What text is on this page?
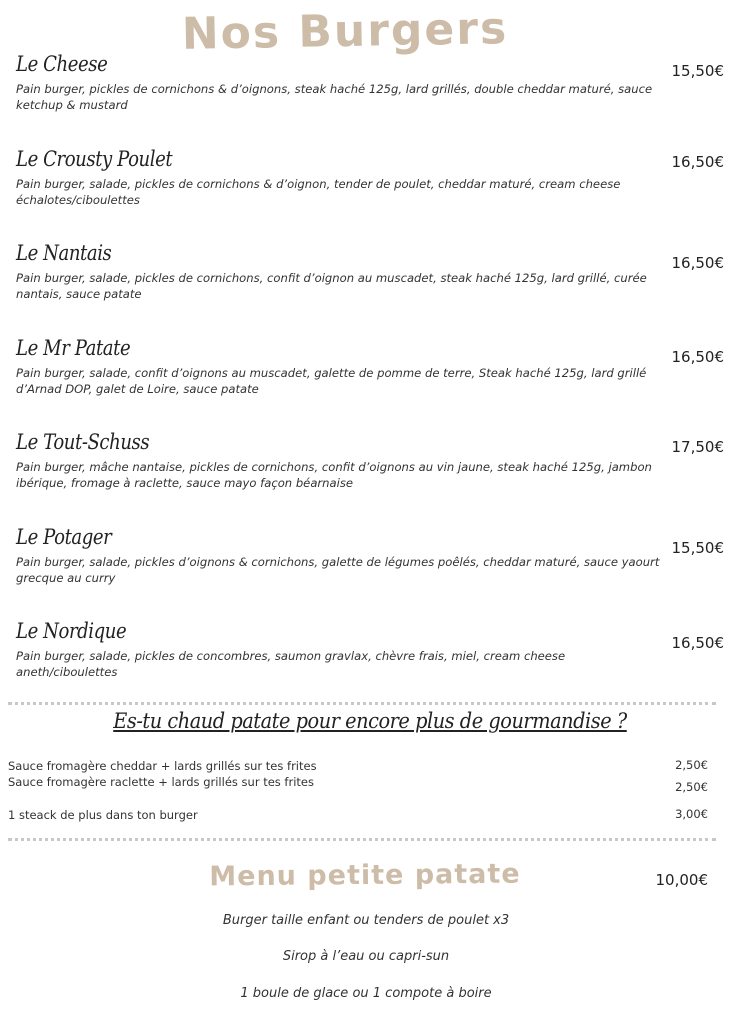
Nos Burgers
Le Cheese
Pain burger, pickles de cornichons & d’oignons, steak haché 125g, lard grillés, double cheddar maturé, sauce ketchup & mustard
15,50€
Le Crousty Poulet
Pain burger, salade, pickles de cornichons & d’oignon, tender de poulet, cheddar maturé, cream cheese échalotes/ciboulettes
16,50€
Le Nantais
Pain burger, salade, pickles de cornichons, confit d’oignon au muscadet, steak haché 125g, lard grillé, curée nantais, sauce patate
16,50€
Le Mr Patate
Pain burger, salade, confit d’oignons au muscadet, galette de pomme de terre, Steak haché 125g, lard grillé d’Arnad DOP, galet de Loire, sauce patate
16,50€
Le Tout-Schuss
Pain burger, mâche nantaise, pickles de cornichons, confit d’oignons au vin jaune, steak haché 125g, jambon ibérique, fromage à raclette, sauce mayo façon béarnaise
17,50€
Le Potager
Pain burger, salade, pickles d’oignons & cornichons, galette de légumes poêlés, cheddar maturé, sauce yaourt grecque au curry
15,50€
Le Nordique
Pain burger, salade, pickles de concombres, saumon gravlax, chèvre frais, miel, cream cheese aneth/ciboulettes
16,50€
Es-tu chaud patate pour encore plus de gourmandise ?
Sauce fromagère cheddar + lards grillés sur tes frites	2,50€
Sauce fromagère raclette + lards grillés sur tes frites	2,50€
1 steack de plus dans ton burger	3,00€
Menu petite patate	10,00€
Burger taille enfant ou tenders de poulet x3
Sirop à l’eau ou capri-sun
1 boule de glace ou 1 compote à boire
